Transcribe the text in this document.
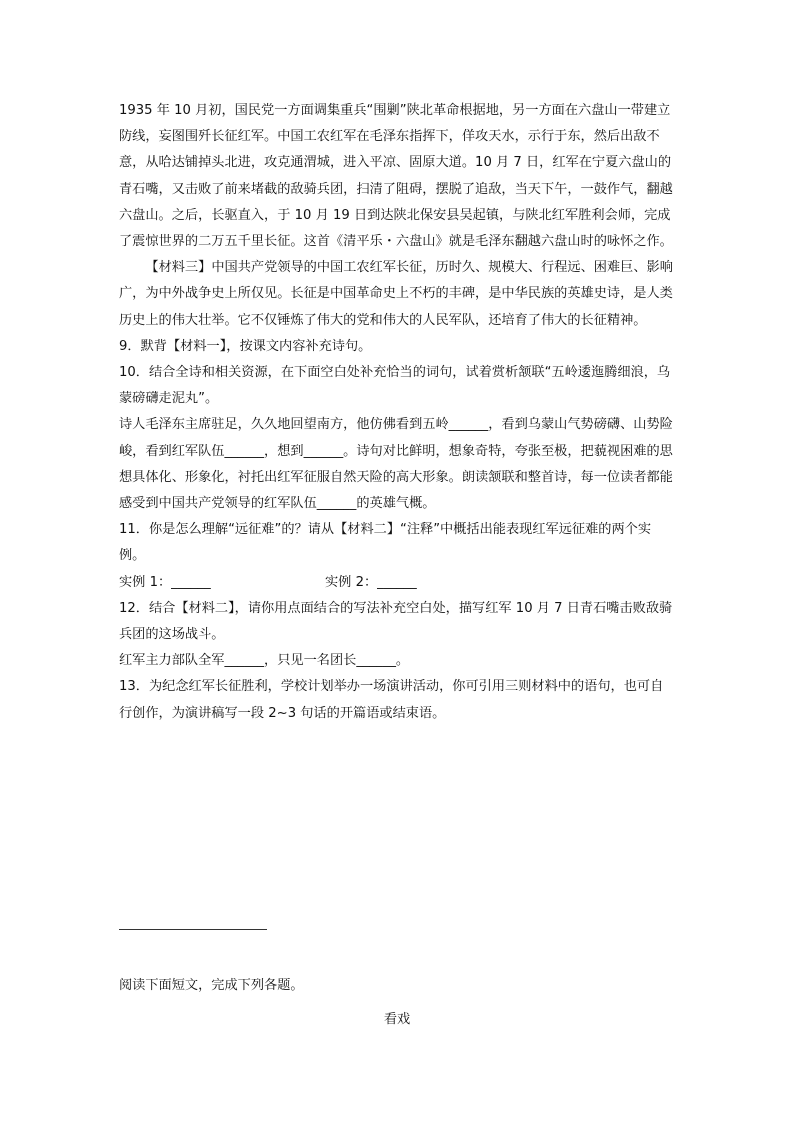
1935 年 10 月初，国民党一方面调集重兵“围剿”陕北革命根据地，另一方面在六盘山一带建立防线，妄图围歼长征红军。中国工农红军在毛泽东指挥下，佯攻天水，示行于东，然后出敌不意，从哈达铺掉头北进，攻克通渭城，进入平凉、固原大道。10 月 7 日，红军在宁夏六盘山的青石嘴，又击败了前来堵截的敌骑兵团，扫清了阻碍，摆脱了追敌，当天下午，一鼓作气，翻越六盘山。之后，长驱直入，于 10 月 19 日到达陕北保安县吴起镇，与陕北红军胜利会师，完成了震惊世界的二万五千里长征。这首《清平乐・六盘山》就是毛泽东翻越六盘山时的咏怀之作。

【材料三】中国共产党领导的中国工农红军长征，历时久、规模大、行程远、困难巨、影响广，为中外战争史上所仅见。长征是中国革命史上不朽的丰碑，是中华民族的英雄史诗，是人类历史上的伟大壮举。它不仅锤炼了伟大的党和伟大的人民军队，还培育了伟大的长征精神。

9．默背【材料一】，按课文内容补充诗句。

10．结合全诗和相关资源，在下面空白处补充恰当的词句，试着赏析颔联“五岭逶迤腾细浪，乌蒙磅礴走泥丸”。

诗人毛泽东主席驻足，久久地回望南方，他仿佛看到五岭______，看到乌蒙山气势磅礴、山势险峻，看到红军队伍______，想到______。诗句对比鲜明，想象奇特，夸张至极，把藐视困难的思想具体化、形象化，衬托出红军征服自然天险的高大形象。朗读颔联和整首诗，每一位读者都能感受到中国共产党领导的红军队伍______的英雄气概。

11．你是怎么理解“远征难”的？请从【材料二】“注释”中概括出能表现红军远征难的两个实例。

实例 1：______	实例 2：______

12．结合【材料二】，请你用点面结合的写法补充空白处，描写红军 10 月 7 日青石嘴击败敌骑兵团的这场战斗。

红军主力部队全军______，只见一名团长______。

13．为纪念红军长征胜利，学校计划举办一场演讲活动，你可引用三则材料中的语句，也可自行创作，为演讲稿写一段 2~3 句话的开篇语或结束语。

阅读下面短文，完成下列各题。
看戏
